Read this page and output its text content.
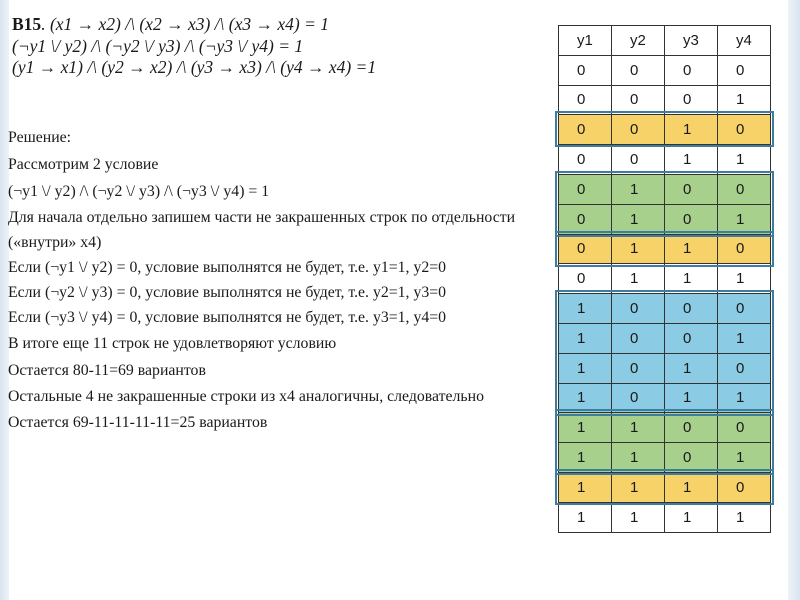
B15. (x1 → x2) /\ (x2 → x3) /\ (x3 → x4) = 1
(¬y1 \/ y2) /\ (¬y2 \/ y3) /\ (¬y3 \/ y4) = 1
(y1 → x1) /\ (y2 → x2) /\ (y3 → x3) /\ (y4 → x4) =1
Решение:
Рассмотрим 2 условие
(¬y1 \/ y2) /\ (¬y2 \/ y3) /\ (¬y3 \/ y4) = 1
Для начала отдельно запишем части не закрашенных строк по отдельности («внутри» x4)
Если (¬y1 \/ y2) = 0, условие выполнятся не будет, т.е. y1=1, y2=0
Если (¬y2 \/ y3) = 0, условие выполнятся не будет, т.е. y2=1, y3=0
Если (¬y3 \/ y4) = 0, условие выполнятся не будет, т.е. y3=1, y4=0
В итоге еще 11 строк не удовлетворяют условию
Остается 80-11=69 вариантов
Остальные 4 не закрашенные строки из x4 аналогичны, следовательно
Остается 69-11-11-11-11=25 вариантов
y1	y2	y3	y4
0	0	0	0
0	0	0	1
0	0	1	0
0	0	1	1
0	1	0	0
0	1	0	1
0	1	1	0
0	1	1	1
1	0	0	0
1	0	0	1
1	0	1	0
1	0	1	1
1	1	0	0
1	1	0	1
1	1	1	0
1	1	1	1
